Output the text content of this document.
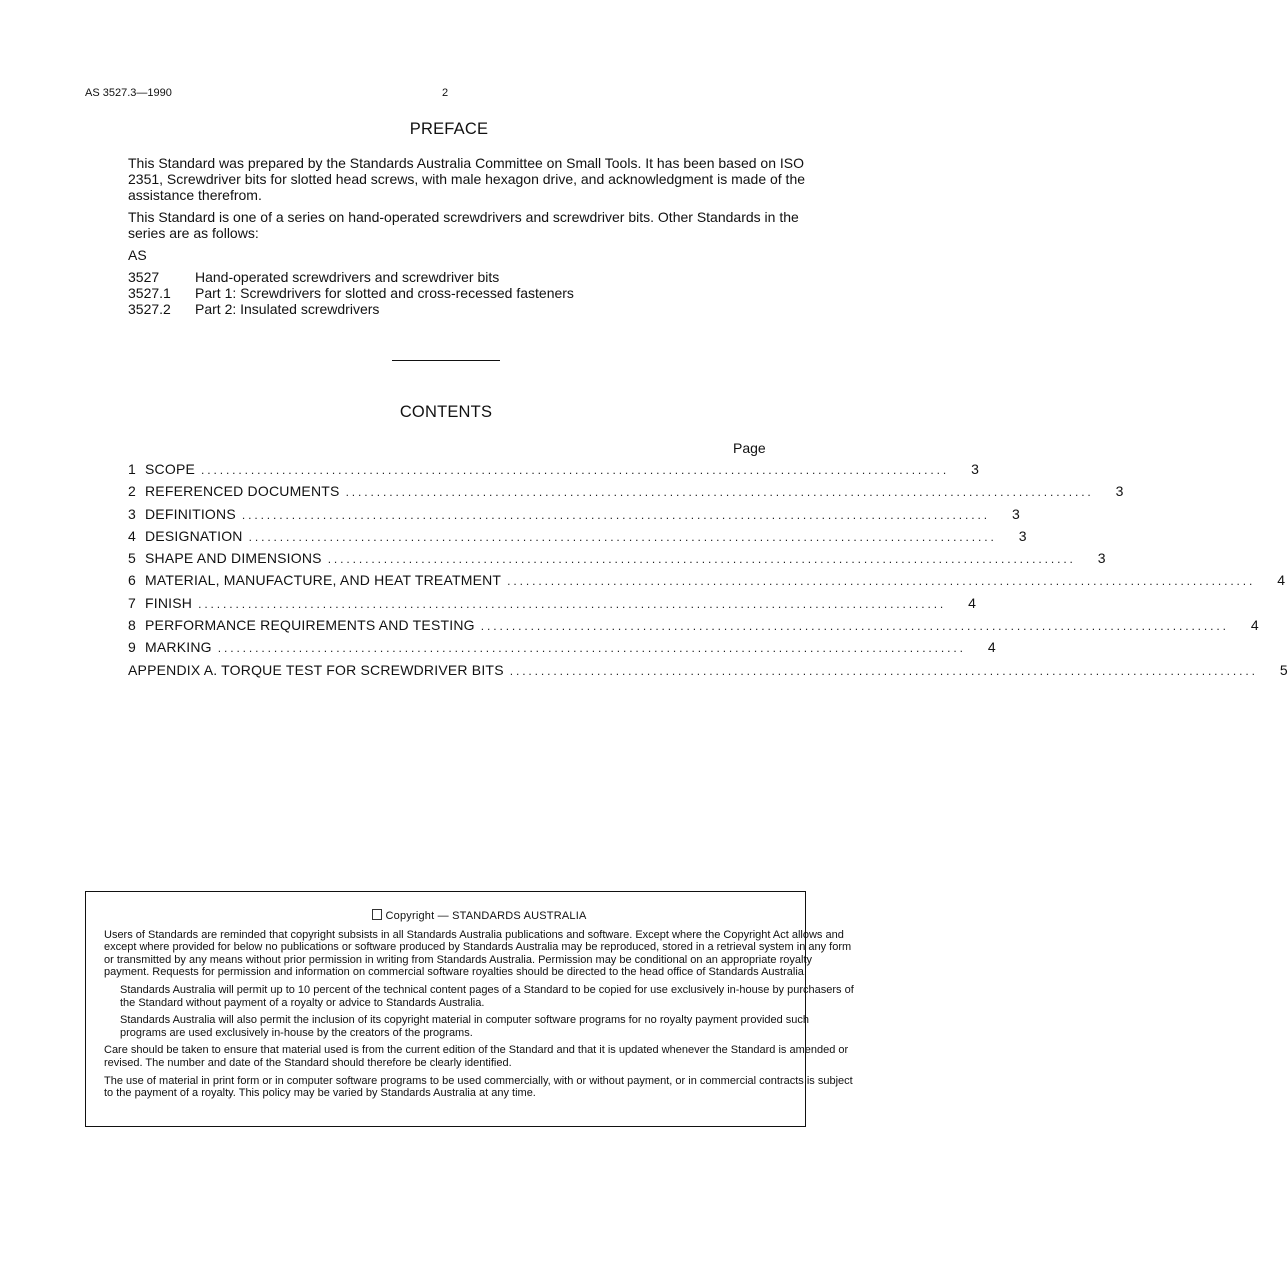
AS 3527.3—1990	2
PREFACE

This Standard was prepared by the Standards Australia Committee on Small Tools. It has been based on ISO 2351, Screwdriver bits for slotted head screws, with male hexagon drive, and acknowledgment is made of the assistance therefrom.

This Standard is one of a series on hand-operated screwdrivers and screwdriver bits. Other Standards in the series are as follows:

AS

3527	Hand-operated screwdrivers and screwdriver bits
3527.1	Part 1: Screwdrivers for slotted and cross-recessed fasteners
3527.2	Part 2: Insulated screwdrivers
CONTENTS
Page
1 SCOPE ........................................................................................................................	3
2 REFERENCED DOCUMENTS ........................................................................................................................	3
3 DEFINITIONS ........................................................................................................................	3
4 DESIGNATION ........................................................................................................................	3
5 SHAPE AND DIMENSIONS ........................................................................................................................	3
6 MATERIAL, MANUFACTURE, AND HEAT TREATMENT ........................................................................................................................	4
7 FINISH ........................................................................................................................	4
8 PERFORMANCE REQUIREMENTS AND TESTING ........................................................................................................................	4
9 MARKING ........................................................................................................................	4
APPENDIX A. TORQUE TEST FOR SCREWDRIVER BITS ........................................................................................................................	5
Copyright — STANDARDS AUSTRALIA

Users of Standards are reminded that copyright subsists in all Standards Australia publications and software. Except where the Copyright Act allows and except where provided for below no publications or software produced by Standards Australia may be reproduced, stored in a retrieval system in any form or transmitted by any means without prior permission in writing from Standards Australia. Permission may be conditional on an appropriate royalty payment. Requests for permission and information on commercial software royalties should be directed to the head office of Standards Australia.

Standards Australia will permit up to 10 percent of the technical content pages of a Standard to be copied for use exclusively in-house by purchasers of the Standard without payment of a royalty or advice to Standards Australia.

Standards Australia will also permit the inclusion of its copyright material in computer software programs for no royalty payment provided such programs are used exclusively in-house by the creators of the programs.

Care should be taken to ensure that material used is from the current edition of the Standard and that it is updated whenever the Standard is amended or revised. The number and date of the Standard should therefore be clearly identified.

The use of material in print form or in computer software programs to be used commercially, with or without payment, or in commercial contracts is subject to the payment of a royalty. This policy may be varied by Standards Australia at any time.
